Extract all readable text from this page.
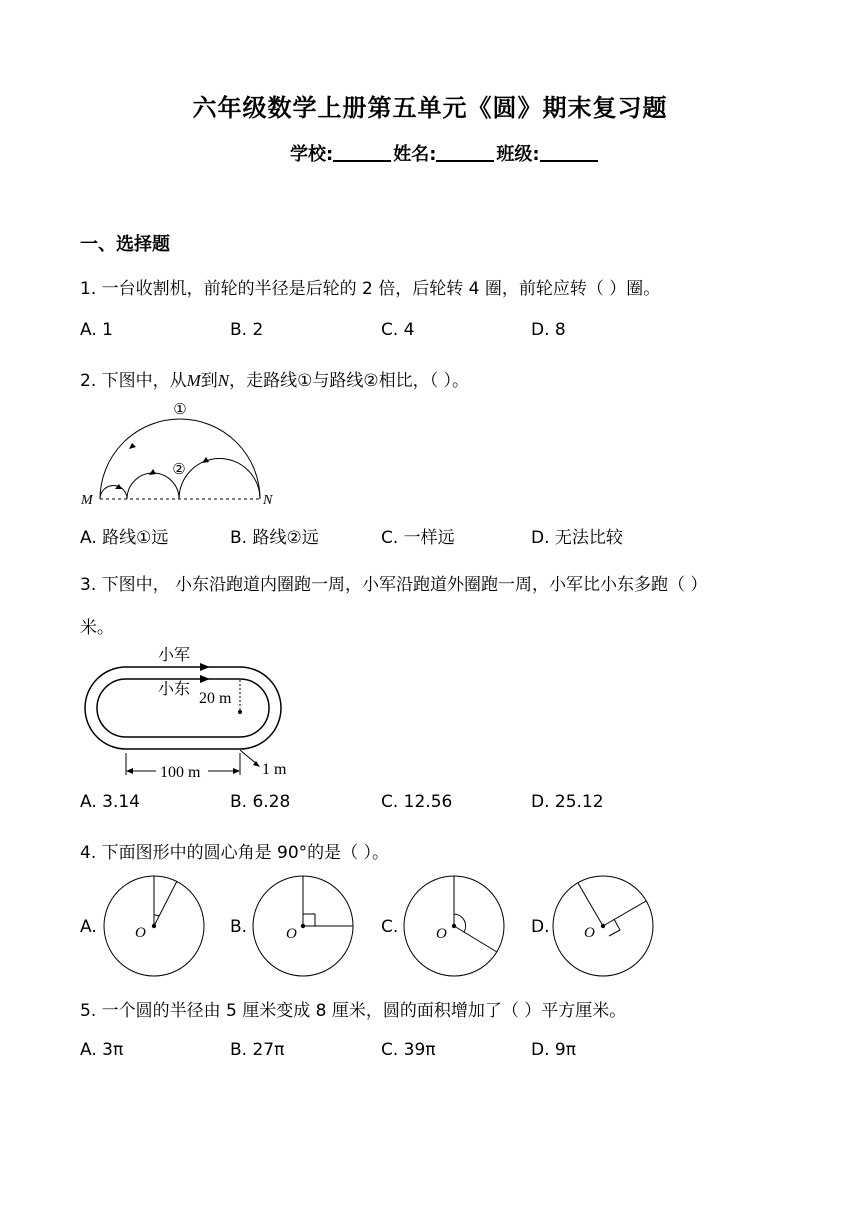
六年级数学上册第五单元《圆》期末复习题
学校:	姓名:	班级:
一、选择题
1. 一台收割机，前轮的半径是后轮的 2 倍，后轮转 4 圈，前轮应转（ ）圈。
A. 1	B. 2	C. 4	D. 8
2. 下图中，从M到N，走路线①与路线②相比，（ ）。
①
②
M	N
A. 路线①远	B. 路线②远	C. 一样远	D. 无法比较
3. 下图中， 小东沿跑道内圈跑一周，小军沿跑道外圈跑一周，小军比小东多跑（ ）
米。
小军
小东
20 m
100 m	1 m
A. 3.14	B. 6.28	C. 12.56	D. 25.12
4. 下面图形中的圆心角是 90°的是（ ）。
A.	O	B.	O	C.	O	D. O
5. 一个圆的半径由 5 厘米变成 8 厘米，圆的面积增加了（ ）平方厘米。
A. 3π	B. 27π	C. 39π	D. 9π
